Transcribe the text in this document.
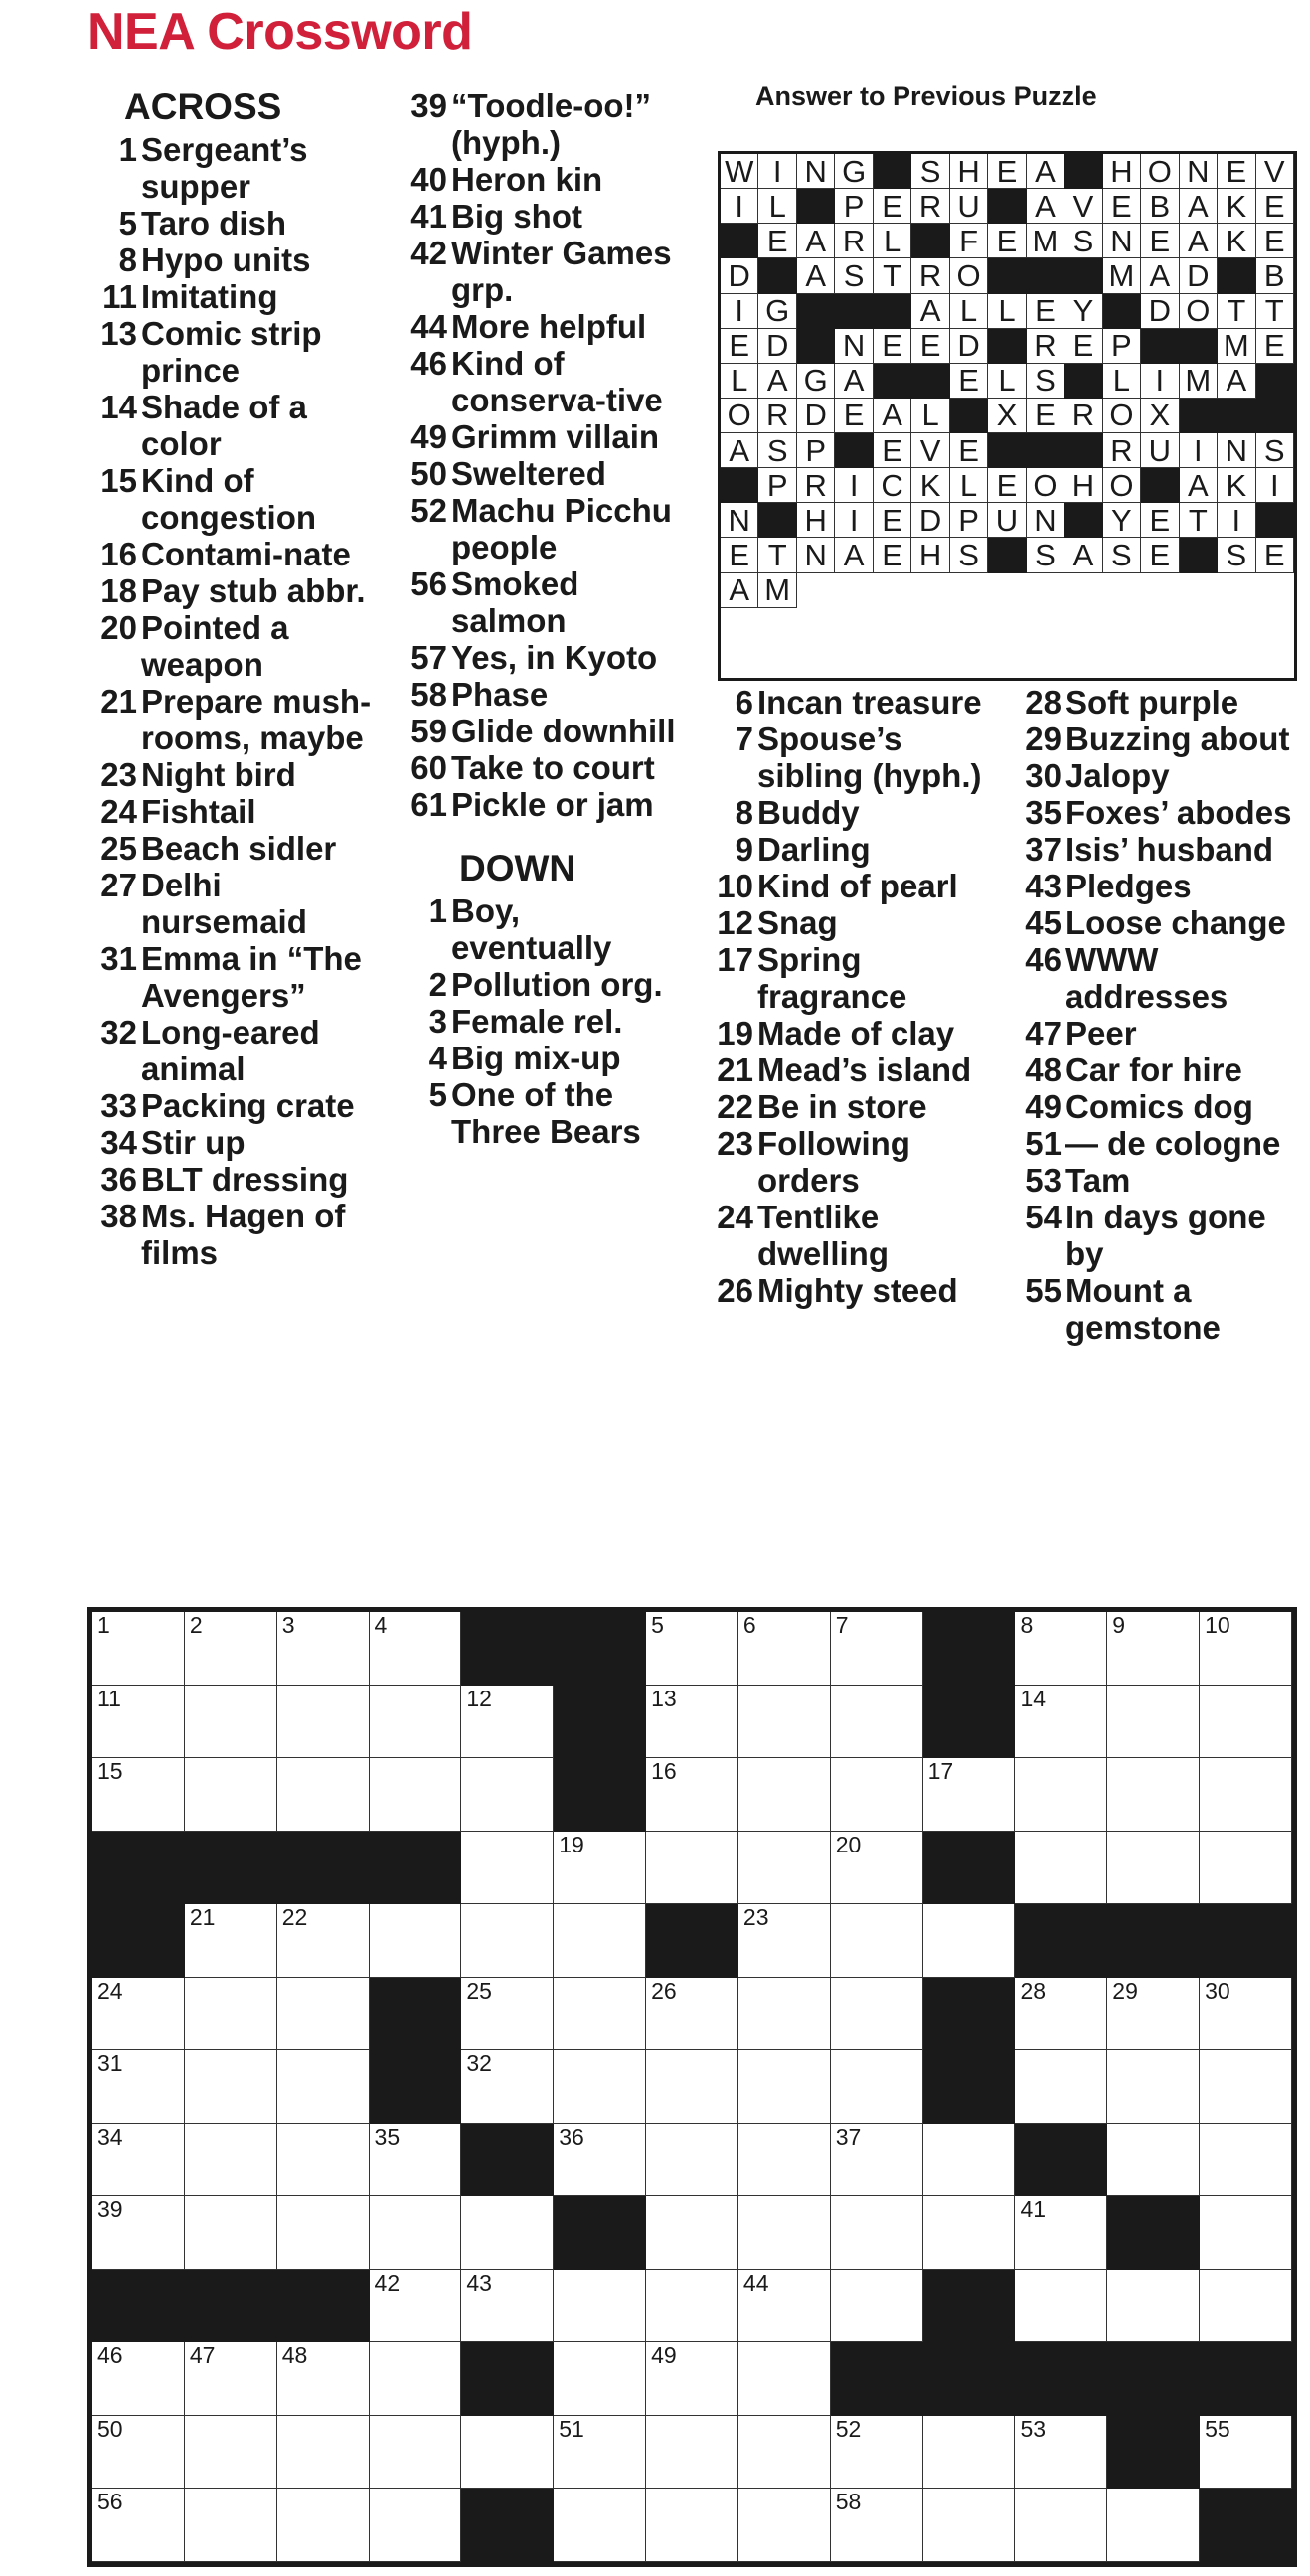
NEA Crossword
ACROSS
1 Sergeant’s supper
5 Taro dish
8 Hypo units
11 Imitating
13 Comic strip prince
14 Shade of a color
15 Kind of congestion
16 Contami-nate
18 Pay stub abbr.
20 Pointed a weapon
21 Prepare mush-rooms, maybe
23 Night bird
24 Fishtail
25 Beach sidler
27 Delhi nursemaid
31 Emma in “The Avengers”
32 Long-eared animal
33 Packing crate
34 Stir up
36 BLT dressing
38 Ms. Hagen of films
39 “Toodle-oo!” (hyph.)
40 Heron kin
41 Big shot
42 Winter Games grp.
44 More helpful
46 Kind of conserva-tive
49 Grimm villain
50 Sweltered
52 Machu Picchu people
56 Smoked salmon
57 Yes, in Kyoto
58 Phase
59 Glide downhill
60 Take to court
61 Pickle or jam
DOWN
1 Boy, eventually
2 Pollution org.
3 Female rel.
4 Big mix-up
5 One of the Three Bears
6 Incan treasure
7 Spouse’s sibling (hyph.)
8 Buddy
9 Darling
10 Kind of pearl
12 Snag
17 Spring fragrance
19 Made of clay
21 Mead’s island
22 Be in store
23 Following orders
24 Tentlike dwelling
26 Mighty steed
28 Soft purple
29 Buzzing about
30 Jalopy
35 Foxes’ abodes
37 Isis’ husband
43 Pledges
45 Loose change
46 WWW addresses
47 Peer
48 Car for hire
49 Comics dog
51 — de cologne
53 Tam
54 In days gone by
55 Mount a gemstone
Answer to Previous Puzzle
W I N G S H E A	H O N E V
I L	P E R U A V E B A K E
E A R L	F E M S N E A K E
D A S T R O	M A D B
I G	A L L E Y	D O T T
E D N E E D R E P	M E
L A G A	E L S	L I M A
O R D E A L	X E R O X
A S P	E V E	R U I N S
P R I C K L E O H O A K I
N H I E D P U N Y E T I
E T N A E H S	S A S E	S E
A M
1	2	3	4	5	6	7	8	9	10
11	12	13	14
15	16	17
19	20
21	22	23
24	25	26	28	29	30
31	32
34	35	36	37
39	41
42	43	44
46	47	48	49
50	51	52	53	55
56	58
